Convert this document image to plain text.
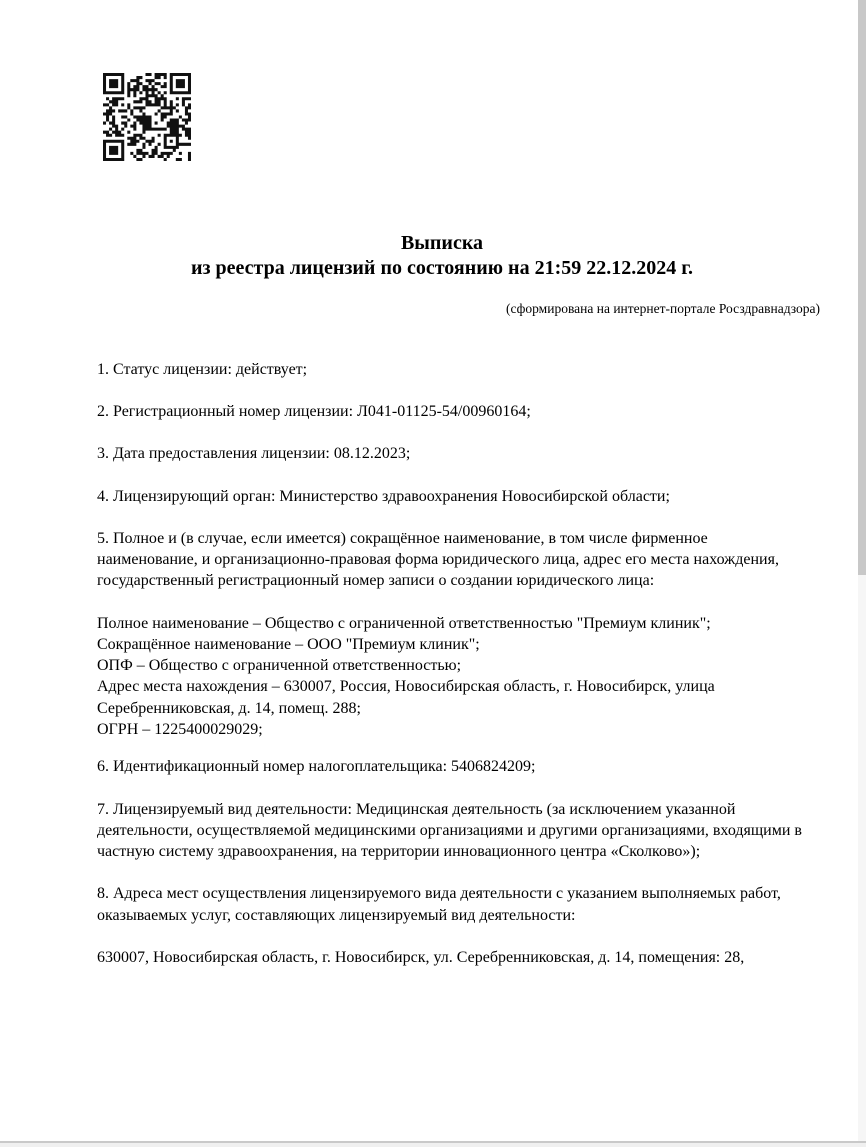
Выписка
из реестра лицензий по состоянию на 21:59 22.12.2024 г.
(сформирована на интернет-портале Росздравнадзора)

1. Статус лицензии: действует;

2. Регистрационный номер лицензии: Л041-01125-54/00960164;

3. Дата предоставления лицензии: 08.12.2023;

4. Лицензирующий орган: Министерство здравоохранения Новосибирской области;

5. Полное и (в случае, если имеется) сокращённое наименование, в том числе фирменное наименование, и организационно-правовая форма юридического лица, адрес его места нахождения, государственный регистрационный номер записи о создании юридического лица:

Полное наименование – Общество с ограниченной ответственностью "Премиум клиник";
Сокращённое наименование – ООО "Премиум клиник";
ОПФ – Общество с ограниченной ответственностью;
Адрес места нахождения – 630007, Россия, Новосибирская область, г. Новосибирск, улица Серебренниковская, д. 14, помещ. 288;
ОГРН – 1225400029029;

6. Идентификационный номер налогоплательщика: 5406824209;

7. Лицензируемый вид деятельности: Медицинская деятельность (за исключением указанной деятельности, осуществляемой медицинскими организациями и другими организациями, входящими в частную систему здравоохранения, на территории инновационного центра «Сколково»);

8. Адреса мест осуществления лицензируемого вида деятельности с указанием выполняемых работ, оказываемых услуг, составляющих лицензируемый вид деятельности:

630007, Новосибирская область, г. Новосибирск, ул. Серебренниковская, д. 14, помещения: 28,
